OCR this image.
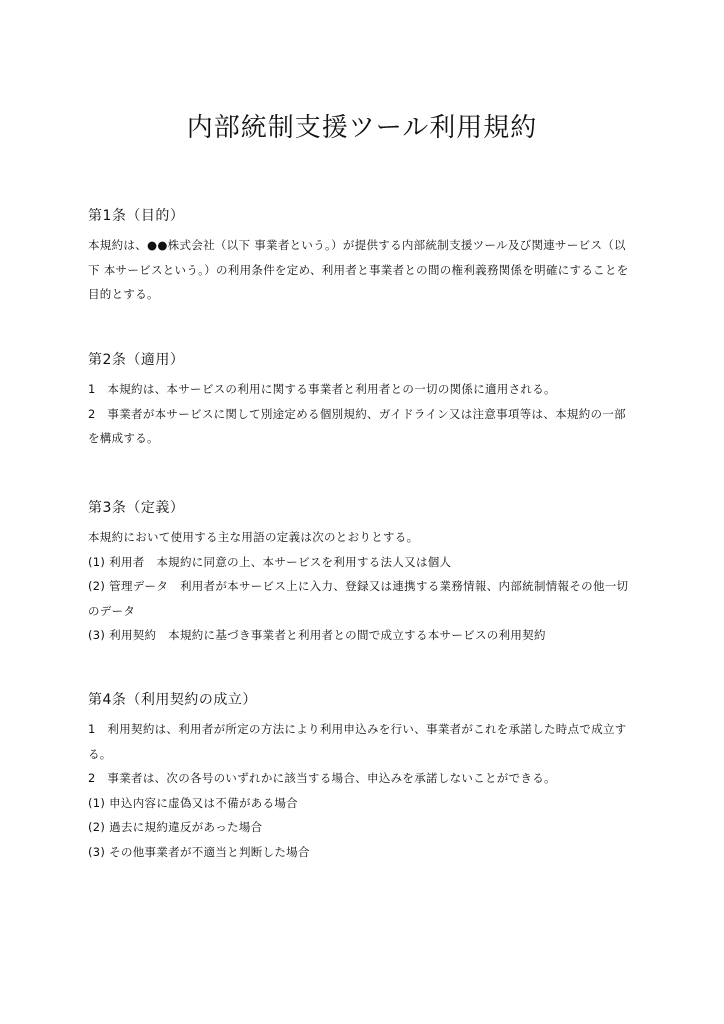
内部統制支援ツール利用規約
第1条（目的）

本規約は、●●株式会社（以下 事業者という。）が提供する内部統制支援ツール及び関連サービス（以下 本サービスという。）の利用条件を定め、利用者と事業者との間の権利義務関係を明確にすることを目的とする。

第2条（適用）

1　本規約は、本サービスの利用に関する事業者と利用者との一切の関係に適用される。

2　事業者が本サービスに関して別途定める個別規約、ガイドライン又は注意事項等は、本規約の一部を構成する。

第3条（定義）

本規約において使用する主な用語の定義は次のとおりとする。

(1) 利用者　本規約に同意の上、本サービスを利用する法人又は個人

(2) 管理データ　利用者が本サービス上に入力、登録又は連携する業務情報、内部統制情報その他一切のデータ

(3) 利用契約　本規約に基づき事業者と利用者との間で成立する本サービスの利用契約

第4条（利用契約の成立）

1　利用契約は、利用者が所定の方法により利用申込みを行い、事業者がこれを承諾した時点で成立する。

2　事業者は、次の各号のいずれかに該当する場合、申込みを承諾しないことができる。

(1) 申込内容に虚偽又は不備がある場合

(2) 過去に規約違反があった場合

(3) その他事業者が不適当と判断した場合
